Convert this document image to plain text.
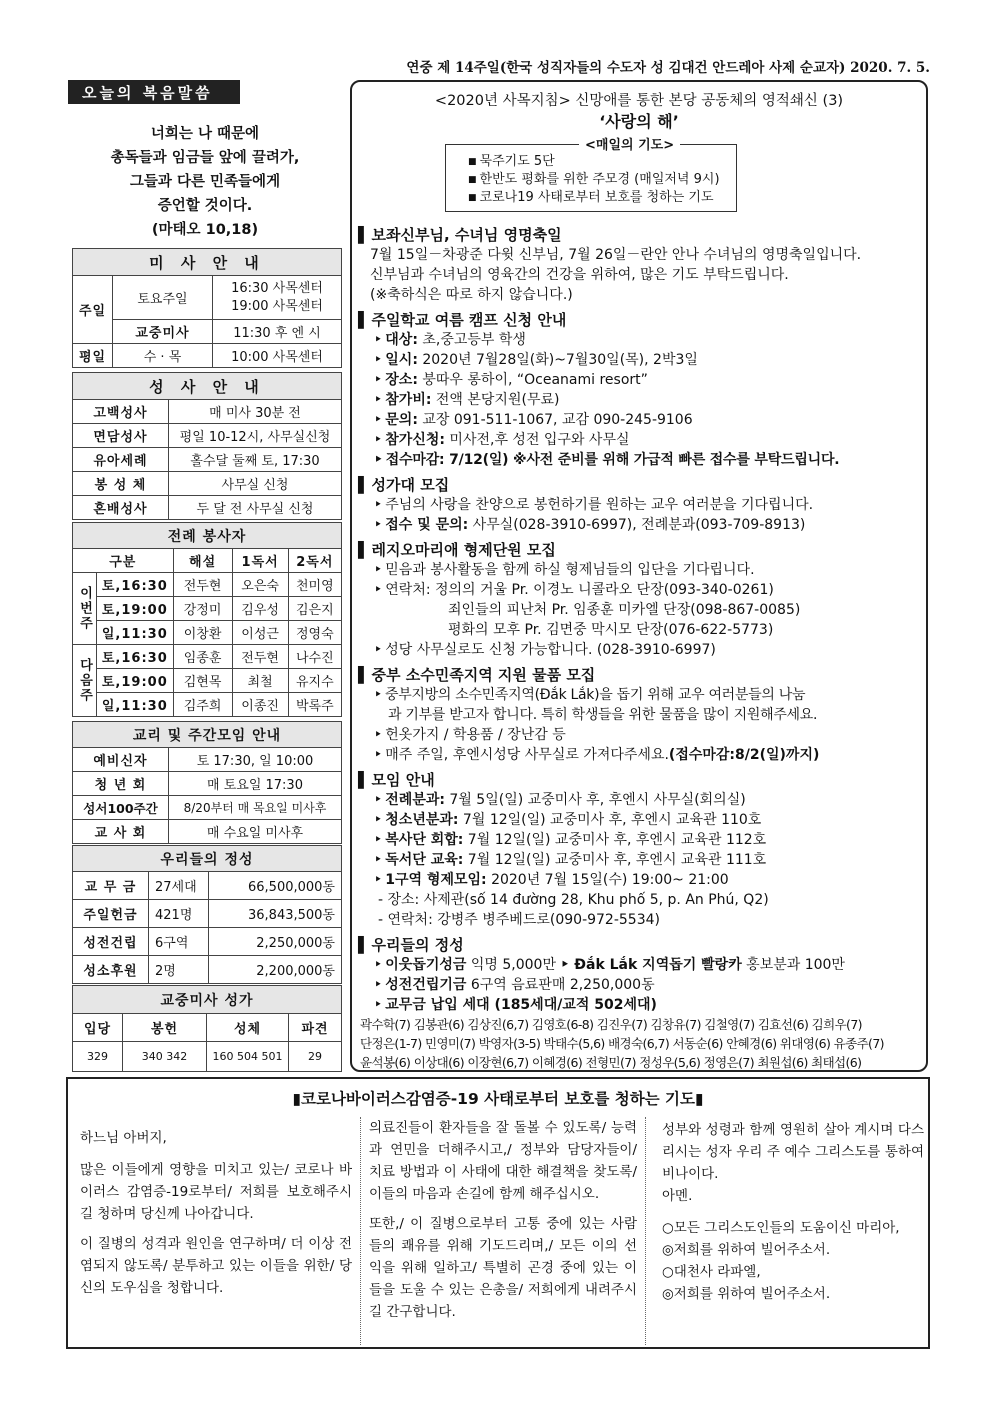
연중 제 14주일(한국 성직자들의 수도자 성 김대건 안드레아 사제 순교자) 2020. 7. 5.
오늘의 복음말씀
너희는 나 때문에
총독들과 임금들 앞에 끌려가,
그들과 다른 민족들에게
증언할 것이다.
(마태오 10,18)
미 사 안 내		
주일	토요주일	16:30 사목센터
19:00 사목센터

	교중미사	11:30 후 엔 시
평일	수 · 목	10:00 사목센터
성 사 안 내	
고백성사	매 미사 30분 전
면담성사	평일 10-12시, 사무실신청
유아세례	홀수달 둘째 토, 17:30
봉 성 체	사무실 신청
혼배성사	두 달 전 사무실 신청
전례 봉사자				
구분		해설	1독서	2독서
이번주	토,16:30	전두현	오은숙	천미영
	토,19:00	강정미	김우성	김은지
	일,11:30	이창환	이성근	정영숙
다음주	토,16:30	임종훈	전두현	나수진
	토,19:00	김현목	최철	유지수
	일,11:30	김주희	이종진	박록주
교리 및 주간모임 안내	
예비신자	토 17:30, 일 10:00
청 년 회	매 토요일 17:30
성서100주간	8/20부터 매 목요일 미사후
교 사 회	매 수요일 미사후
우리들의 정성		
교 무 금	27세대	66,500,000동
주일헌금	421명	36,843,500동
성전건립	6구역	2,250,000동
성소후원	2명	2,200,000동
교중미사 성가			
입당	봉헌	성체	파견
329	340 342	160 504 501	29
<2020년 사목지침> 신망애를 통한 본당 공동체의 영적쇄신 (3)
‘사랑의 해’
■ 묵주기도 5단
■ 한반도 평화를 위한 주모경 (매일저녁 9시)
■ 코로나19 사태로부터 보호를 청하는 기도
<매일의 기도>
▌ 보좌신부님, 수녀님 영명축일
7월 15일－차광준 다윗 신부님, 7월 26일－란안 안나 수녀님의 영명축일입니다.
신부님과 수녀님의 영육간의 건강을 위하여, 많은 기도 부탁드립니다.
(※축하식은 따로 하지 않습니다.)
▌ 주일학교 여름 캠프 신청 안내
‣ 대상: 초,중고등부 학생
‣ 일시: 2020년 7월28일(화)~7월30일(목), 2박3일
‣ 장소: 붕따우 롱하이, “Oceanami resort”
‣ 참가비: 전액 본당지원(무료)
‣ 문의: 교장 091-511-1067, 교감 090-245-9106
‣ 참가신청: 미사전,후 성전 입구와 사무실
‣ 접수마감: 7/12(일) ※사전 준비를 위해 가급적 빠른 접수를 부탁드립니다.
▌ 성가대 모집
‣ 주님의 사랑을 찬양으로 봉헌하기를 원하는 교우 여러분을 기다립니다.
‣ 접수 및 문의: 사무실(028-3910-6997), 전례분과(093-709-8913)
▌ 레지오마리애 형제단원 모집
‣ 믿음과 봉사활동을 함께 하실 형제님들의 입단을 기다립니다.
‣ 연락처: 정의의 거울 Pr. 이경노 니콜라오 단장(093-340-0261)
죄인들의 피난처 Pr. 임종훈 미카엘 단장(098-867-0085)
평화의 모후 Pr. 김면중 막시모 단장(076-622-5773)
‣ 성당 사무실로도 신청 가능합니다. (028-3910-6997)
▌ 중부 소수민족지역 지원 물품 모집
‣ 중부지방의 소수민족지역(Đắk Lắk)을 돕기 위해 교우 여러분들의 나눔
과 기부를 받고자 합니다. 특히 학생들을 위한 물품을 많이 지원해주세요.
‣ 헌옷가지 / 학용품 / 장난감 등
‣ 매주 주일, 후엔시성당 사무실로 가져다주세요.(접수마감:8/2(일)까지)
▌ 모임 안내
‣ 전례분과: 7월 5일(일) 교중미사 후, 후엔시 사무실(회의실)
‣ 청소년분과: 7월 12일(일) 교중미사 후, 후엔시 교육관 110호
‣ 복사단 회합: 7월 12일(일) 교중미사 후, 후엔시 교육관 112호
‣ 독서단 교육: 7월 12일(일) 교중미사 후, 후엔시 교육관 111호
‣ 1구역 형제모임: 2020년 7월 15일(수) 19:00~ 21:00
- 장소: 사제관(số 14 đường 28, Khu phố 5, p. An Phú, Q2)
- 연락처: 강병주 병주베드로(090-972-5534)
▌ 우리들의 정성
‣ 이웃돕기성금 익명 5,000만 ‣ Đắk Lắk 지역돕기 빨랑카 홍보분과 100만
‣ 성전건립기금 6구역 음료판매 2,250,000동
‣ 교무금 납입 세대 (185세대/교적 502세대)
곽수학(7) 김봉관(6) 김상진(6,7) 김영호(6-8) 김진우(7) 김창유(7) 김철영(7) 김효선(6) 김희우(7)
단정은(1-7) 민영미(7) 박영자(3-5) 박태수(5,6) 배경숙(6,7) 서동순(6) 안혜경(6) 위대영(6) 유종주(7)
윤석봉(6) 이상대(6) 이장현(6,7) 이혜경(6) 전형민(7) 정성우(5,6) 정영은(7) 최원섭(6) 최태섭(6)
▮코로나바이러스감염증-19 사태로부터 보호를 청하는 기도▮

하느님 아버지,

많은 이들에게 영향을 미치고 있는/ 코로나 바이러스 감염증-19로부터/ 저희를 보호해주시길 청하며 당신께 나아갑니다.

이 질병의 성격과 원인을 연구하며/ 더 이상 전염되지 않도록/ 분투하고 있는 이들을 위한/ 당신의 도우심을 청합니다.

의료진들이 환자들을 잘 돌볼 수 있도록/ 능력과 연민을 더해주시고,/ 정부와 담당자들이/ 치료 방법과 이 사태에 대한 해결책을 찾도록/ 이들의 마음과 손길에 함께 해주십시오.

또한,/ 이 질병으로부터 고통 중에 있는 사람들의 쾌유를 위해 기도드리며,/ 모든 이의 선익을 위해 일하고/ 특별히 곤경 중에 있는 이들을 도울 수 있는 은총을/ 저희에게 내려주시길 간구합니다.

성부와 성령과 함께 영원히 살아 계시며 다스리시는 성자 우리 주 예수 그리스도를 통하여 비나이다.

아멘.

○모든 그리스도인들의 도움이신 마리아,
◎저희를 위하여 빌어주소서.
○대천사 라파엘,
◎저희를 위하여 빌어주소서.
